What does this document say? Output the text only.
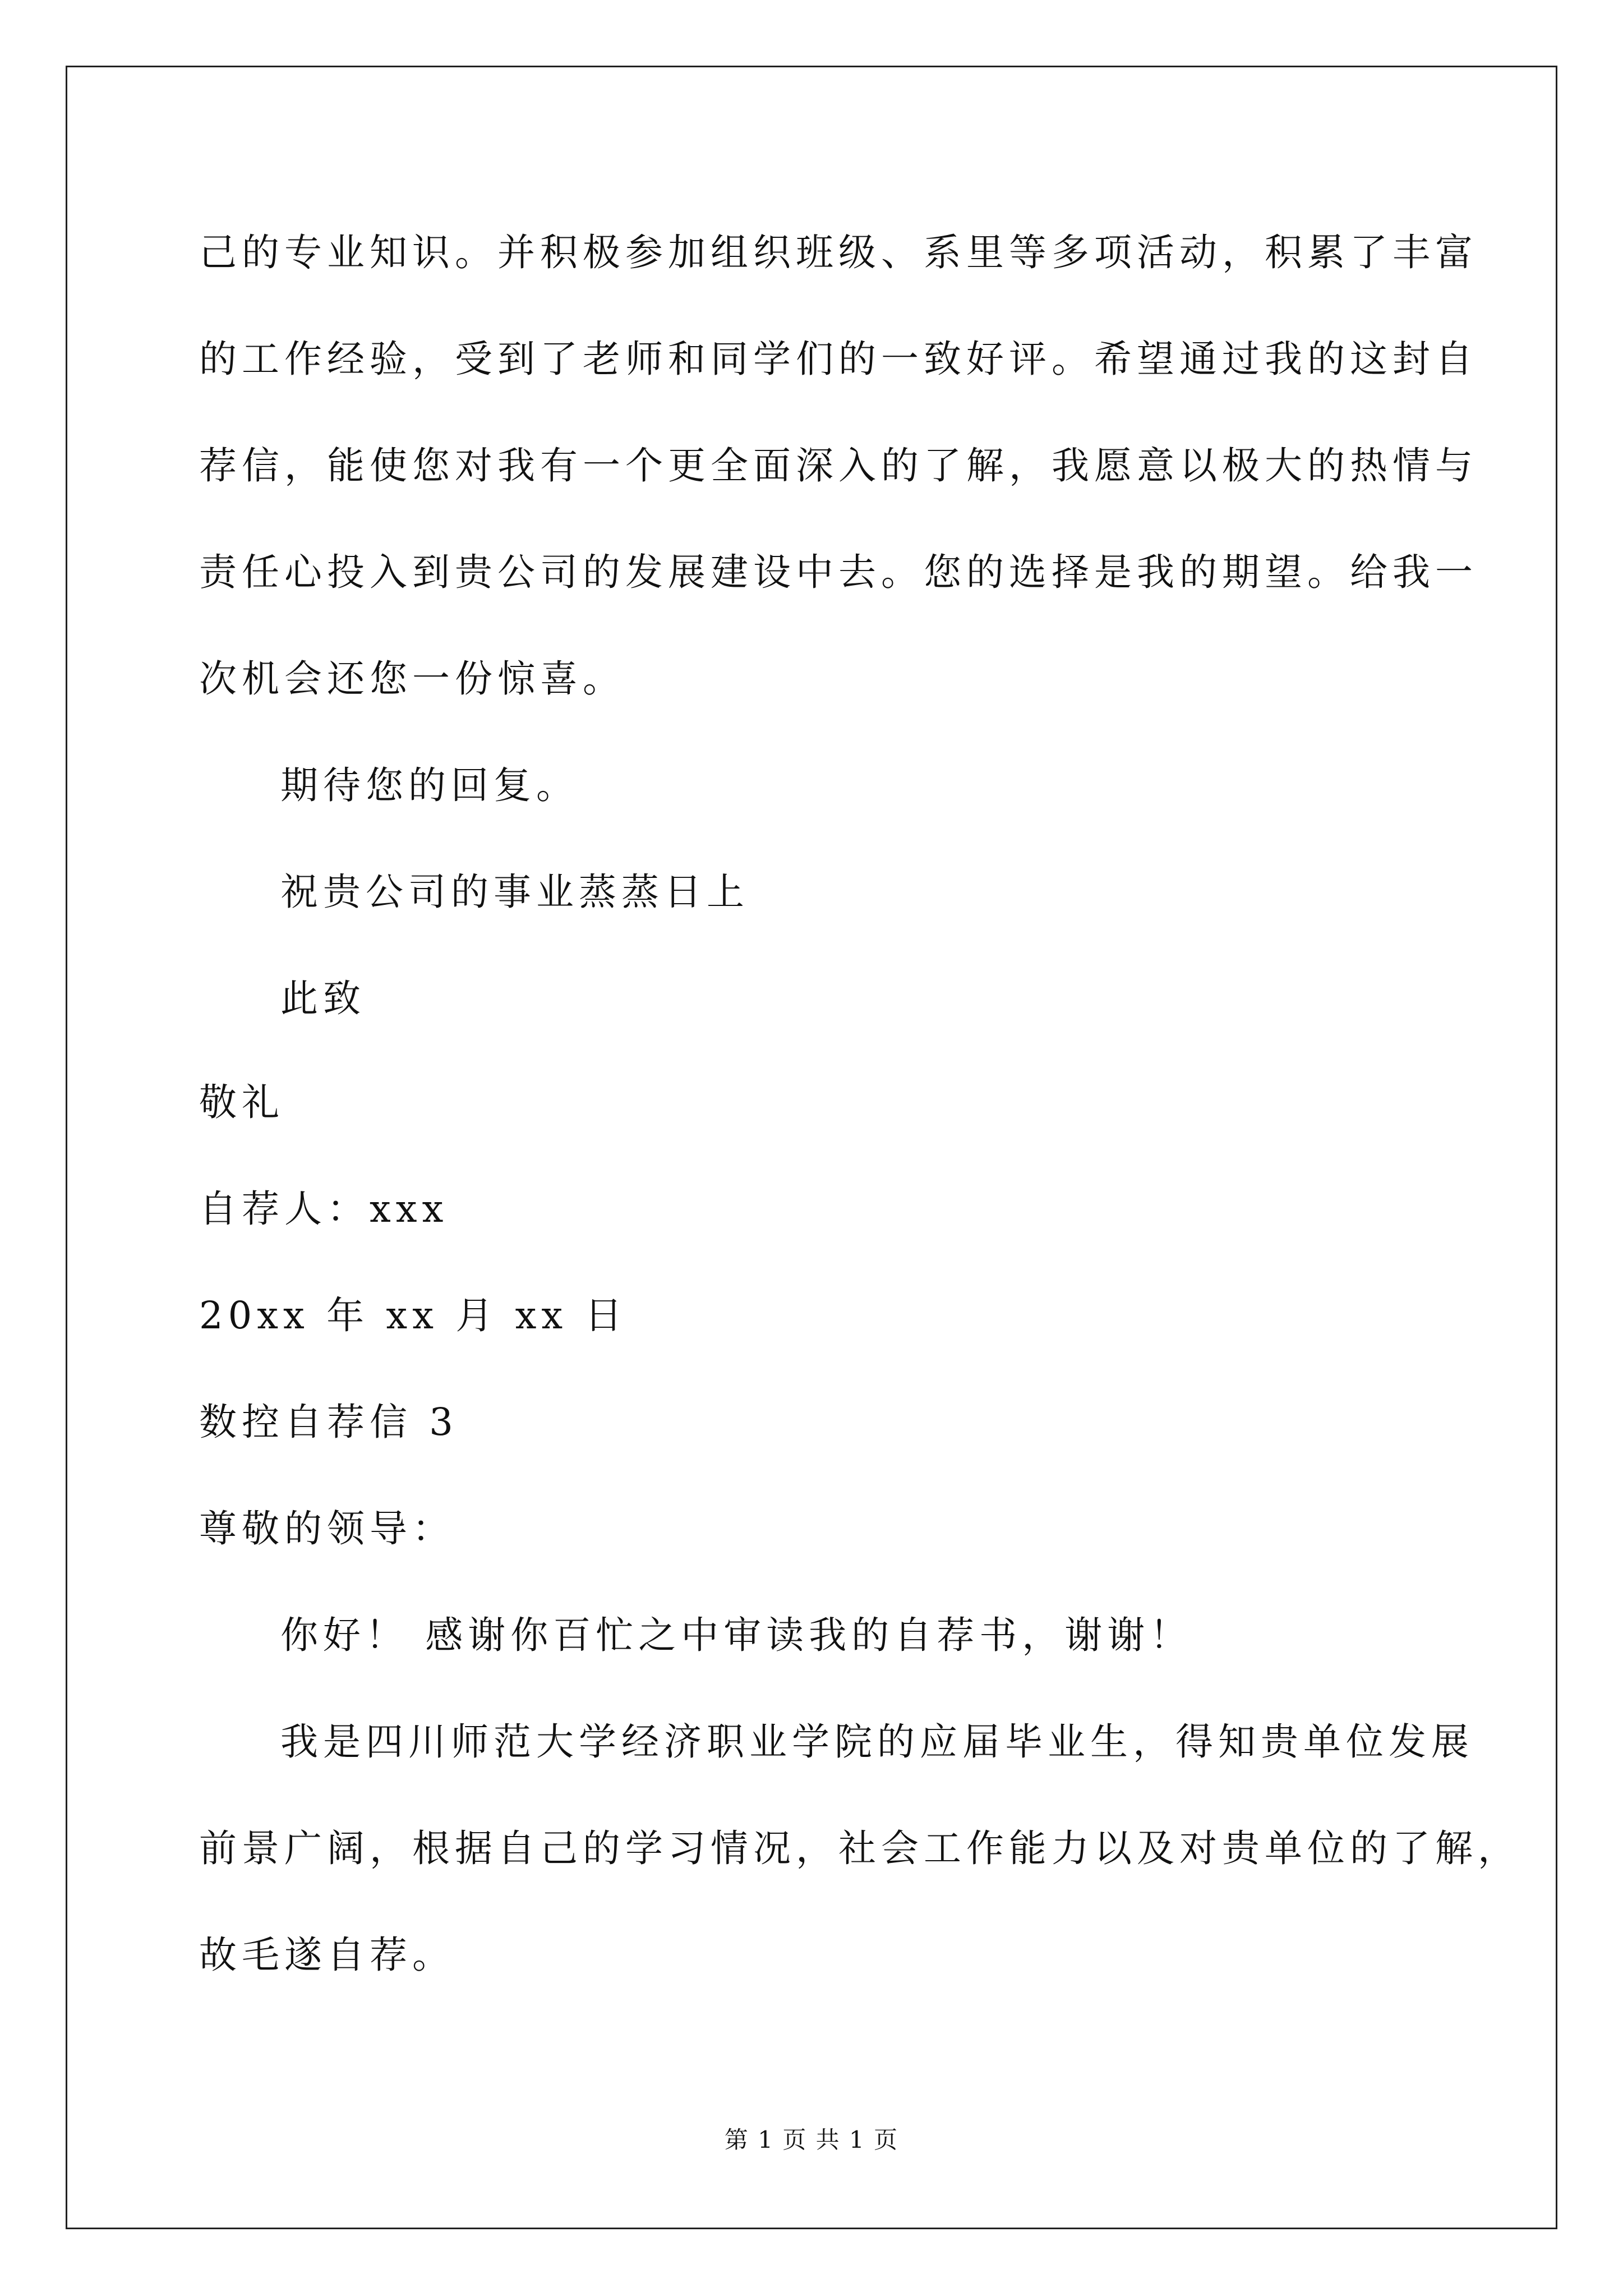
己的专业知识。并积极参加组织班级、系里等多项活动，积累了丰富
的工作经验，受到了老师和同学们的一致好评。希望通过我的这封自
荐信，能使您对我有一个更全面深入的了解，我愿意以极大的热情与
责任心投入到贵公司的发展建设中去。您的选择是我的期望。给我一
次机会还您一份惊喜。
期待您的回复。
祝贵公司的事业蒸蒸日上
此致
敬礼
自荐人：xxx
20xx 年 xx 月 xx 日
数控自荐信 3
尊敬的领导：
你好！ 感谢你百忙之中审读我的自荐书，谢谢！
我是四川师范大学经济职业学院的应届毕业生，得知贵单位发展
前景广阔，根据自己的学习情况，社会工作能力以及对贵单位的了解，
故毛遂自荐。
第 1 页 共 1 页
